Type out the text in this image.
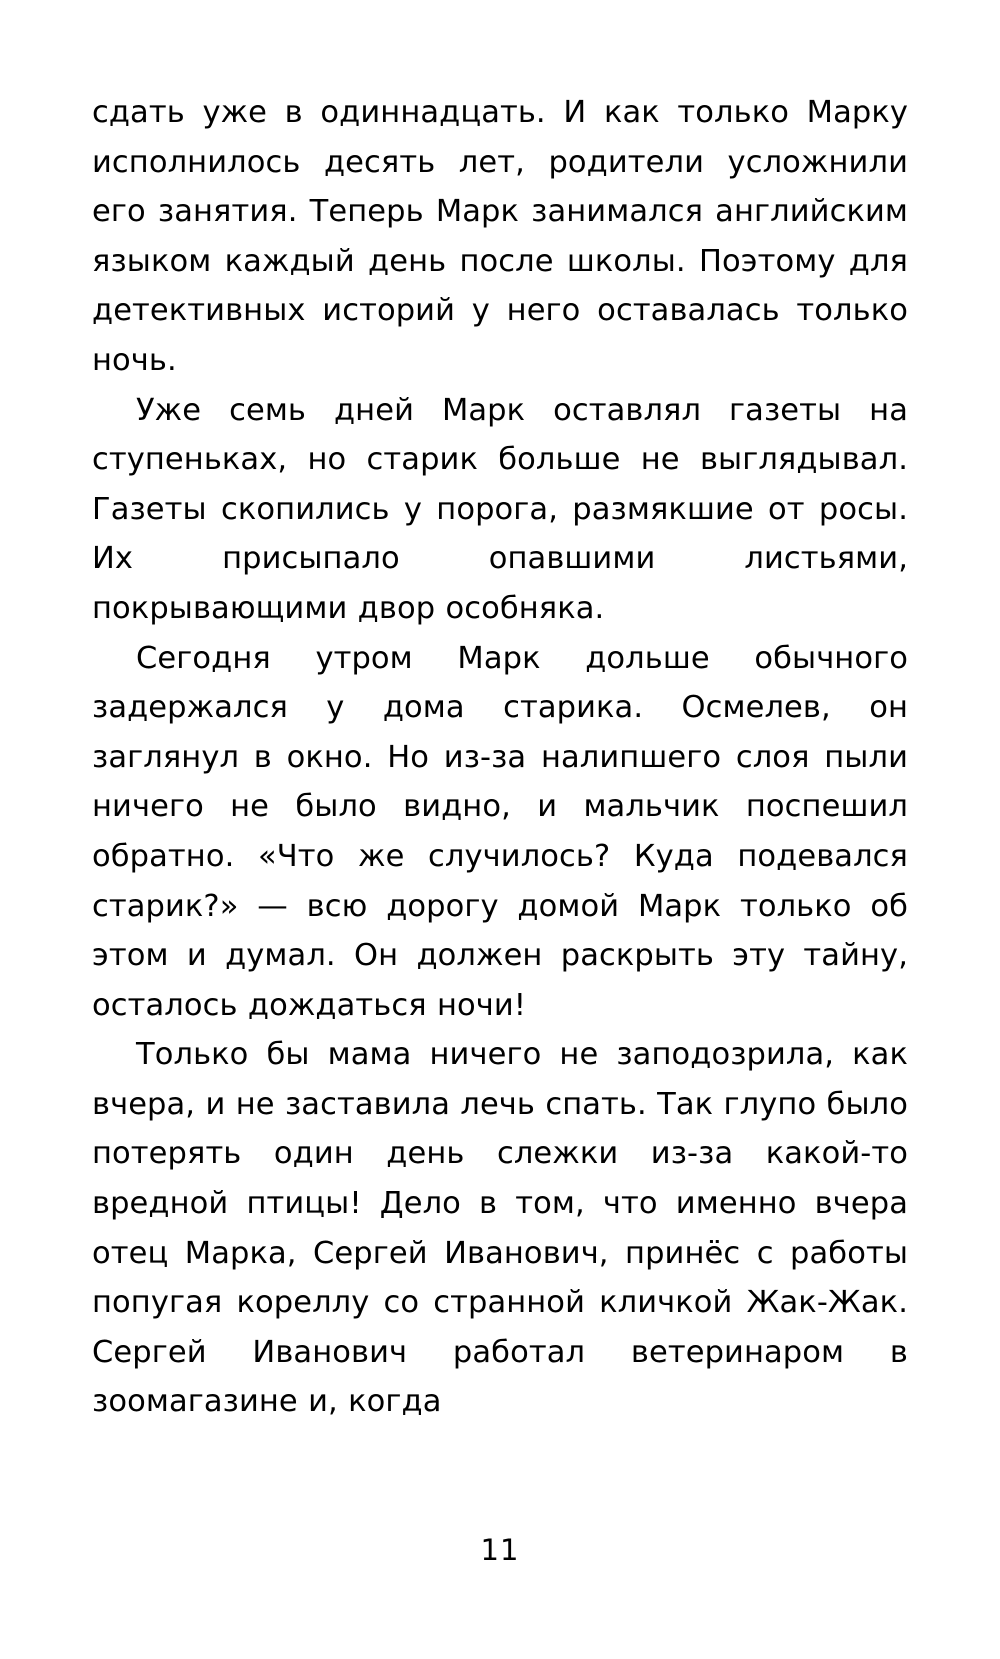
сдать уже в одиннадцать. И как только Марку исполнилось десять лет, родители усложнили его занятия. Теперь Марк занимался английским языком каждый день после школы. Поэтому для детективных историй у него оставалась только ночь.

Уже семь дней Марк оставлял газеты на ступеньках, но старик больше не выглядывал. Газеты скопились у порога, размякшие от росы. Их присыпало опавшими листьями, покрывающими двор особняка.

Сегодня утром Марк дольше обычного задержался у дома старика. Осмелев, он заглянул в окно. Но из-за налипшего слоя пыли ничего не было видно, и мальчик поспешил обратно. «Что же случилось? Куда подевался старик?» — всю дорогу домой Марк только об этом и думал. Он должен раскрыть эту тайну, осталось дождаться ночи!

Только бы мама ничего не заподозрила, как вчера, и не заставила лечь спать. Так глупо было потерять один день слежки из-за какой-то вредной птицы! Дело в том, что именно вчера отец Марка, Сергей Иванович, принёс с работы попугая кореллу со странной кличкой Жак-Жак. Сергей Иванович работал ветеринаром в зоомагазине и, когда

11
